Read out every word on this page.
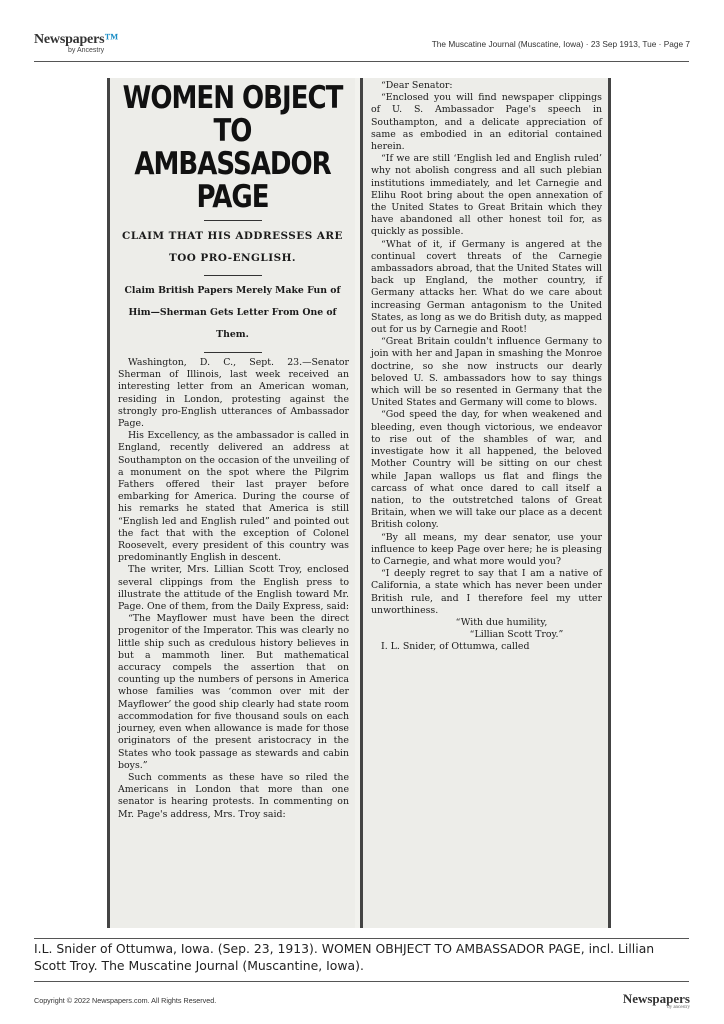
Newspapers™
by Ancestry
The Muscatine Journal (Muscatine, Iowa) · 23 Sep 1913, Tue · Page 7
WOMEN OBJECT TO AMBASSADOR PAGE
CLAIM THAT HIS ADDRESSES ARE TOO PRO-ENGLISH.
Claim British Papers Merely Make Fun of Him—Sherman Gets Letter From One of Them.

Washington, D. C., Sept. 23.—Senator Sherman of Illinois, last week received an interesting letter from an American woman, residing in London, protesting against the strongly pro-English utterances of Ambassador Page.

His Excellency, as the ambassador is called in England, recently delivered an address at Southampton on the occasion of the unveiling of a monument on the spot where the Pilgrim Fathers offered their last prayer before embarking for America. During the course of his remarks he stated that America is still “English led and English ruled” and pointed out the fact that with the exception of Colonel Roosevelt, every president of this country was predominantly English in descent.

The writer, Mrs. Lillian Scott Troy, enclosed several clippings from the English press to illustrate the attitude of the English toward Mr. Page. One of them, from the Daily Express, said:

“The Mayflower must have been the direct progenitor of the Imperator. This was clearly no little ship such as credulous history believes in but a mammoth liner. But mathematical accuracy compels the assertion that on counting up the numbers of persons in America whose families was ‘common over mit der Mayflower’ the good ship clearly had state room accommodation for five thousand souls on each journey, even when allowance is made for those originators of the present aristocracy in the States who took passage as stewards and cabin boys.”

Such comments as these have so riled the Americans in London that more than one senator is hearing protests. In commenting on Mr. Page's address, Mrs. Troy said:

“Dear Senator:

“Enclosed you will find newspaper clippings of U. S. Ambassador Page's speech in Southampton, and a delicate appreciation of same as embodied in an editorial contained herein.

“If we are still ‘English led and English ruled’ why not abolish congress and all such plebian institutions immediately, and let Carnegie and Elihu Root bring about the open annexation of the United States to Great Britain which they have abandoned all other honest toil for, as quickly as possible.

“What of it, if Germany is angered at the continual covert threats of the Carnegie ambassadors abroad, that the United States will back up England, the mother country, if Germany attacks her. What do we care about increasing German antagonism to the United States, as long as we do British duty, as mapped out for us by Carnegie and Root!

“Great Britain couldn't influence Germany to join with her and Japan in smashing the Monroe doctrine, so she now instructs our dearly beloved U. S. ambassadors how to say things which will be so resented in Germany that the United States and Germany will come to blows.

“God speed the day, for when weakened and bleeding, even though victorious, we endeavor to rise out of the shambles of war, and investigate how it all happened, the beloved Mother Country will be sitting on our chest while Japan wallops us flat and flings the carcass of what once dared to call itself a nation, to the outstretched talons of Great Britain, when we will take our place as a decent British colony.

“By all means, my dear senator, use your influence to keep Page over here; he is pleasing to Carnegie, and what more would you?

“I deeply regret to say that I am a native of California, a state which has never been under British rule, and I therefore feel my utter unworthiness.

“With due humility,
“Lillian Scott Troy.”

I. L. Snider, of Ottumwa, called

I.L. Snider of Ottumwa, Iowa. (Sep. 23, 1913). WOMEN OBHJECT TO AMBASSADOR PAGE, incl. Lillian Scott Troy. The Muscatine Journal (Muscantine, Iowa).
Copyright © 2022 Newspapers.com. All Rights Reserved.	Newspapers
by ancestry
